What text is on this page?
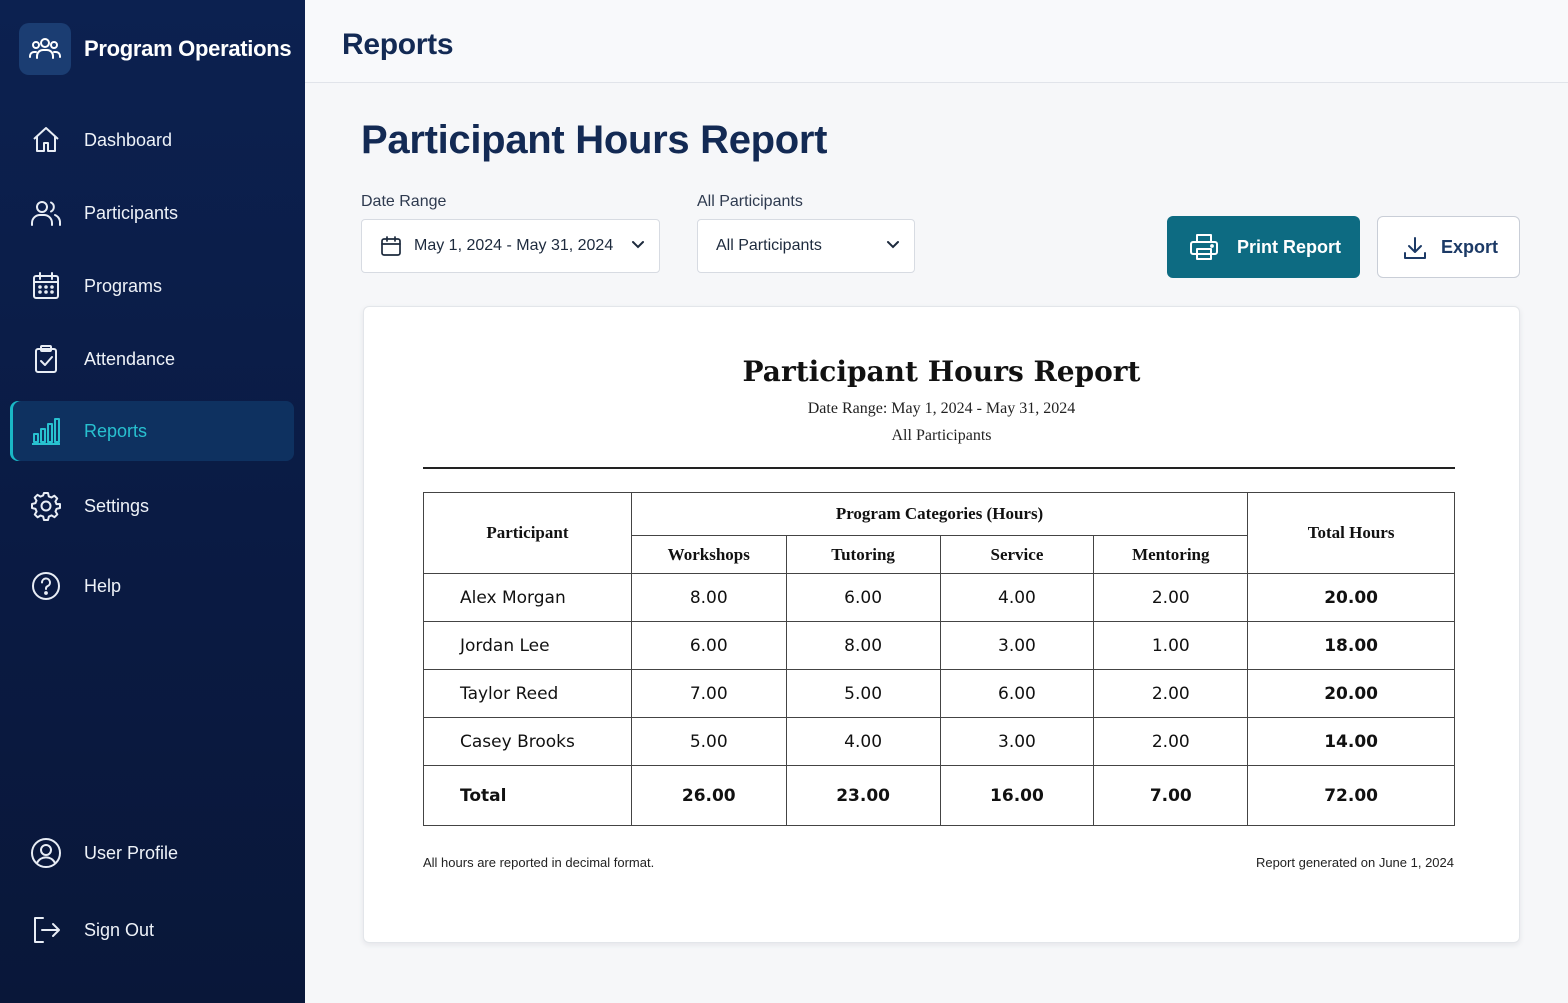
Program Operations
Dashboard
Participants
Programs
Attendance
Reports
Settings
Help
User Profile
Sign Out
Reports
Participant Hours Report
Date Range
May 1, 2024 - May 31, 2024
All Participants
All Participants	Print Report	Export
Participant Hours Report
Date Range: May 1, 2024 - May 31, 2024
All Participants
Participant	Program Categories (Hours)				Total Hours
	Workshops	Tutoring	Service	Mentoring	
Alex Morgan	8.00	6.00	4.00	2.00	20.00
Jordan Lee	6.00	8.00	3.00	1.00	18.00
Taylor Reed	7.00	5.00	6.00	2.00	20.00
Casey Brooks	5.00	4.00	3.00	2.00	14.00
Total	26.00	23.00	16.00	7.00	72.00
All hours are reported in decimal format.	Report generated on June 1, 2024
